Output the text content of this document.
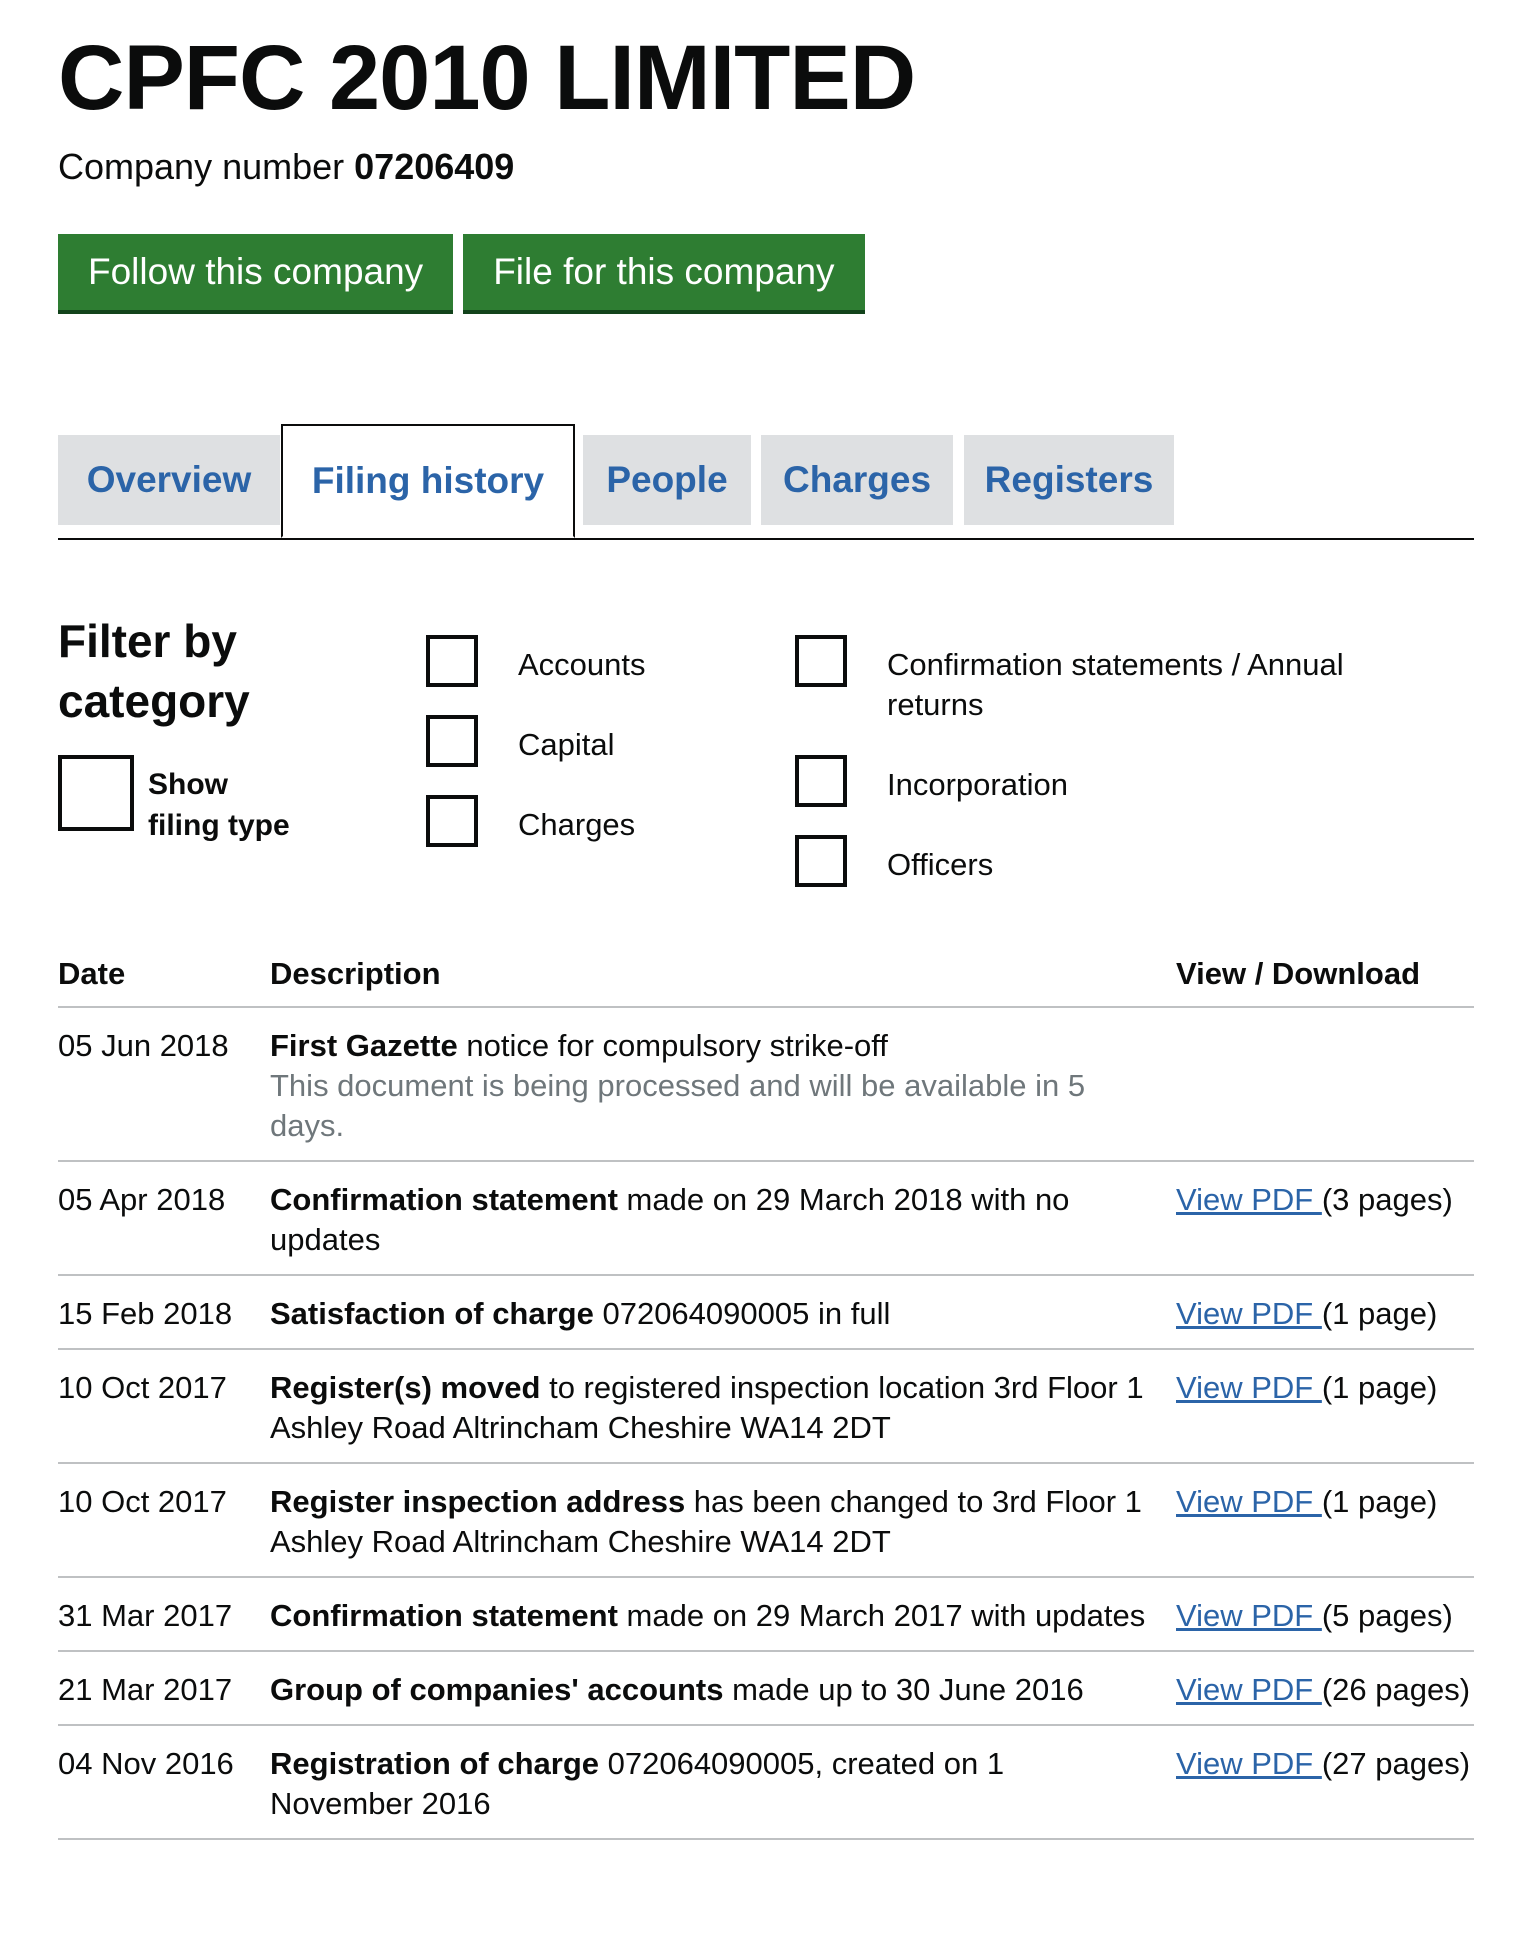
CPFC 2010 LIMITED
Company number 07206409
Follow this company	File for this company
Overview	Filing history	People	Charges	Registers
Filter by
category
Show
filing type
Accounts
Capital
Charges
Confirmation statements / Annual
returns
Incorporation
Officers
Date	Description	View / Download
05 Jun 2018	First Gazette notice for compulsory strike-off
This document is being processed and will be available in 5 days.	

05 Apr 2018	Confirmation statement made on 29 March 2018 with no updates	View PDF (3 pages)
15 Feb 2018	Satisfaction of charge 072064090005 in full	View PDF (1 page)
10 Oct 2017	Register(s) moved to registered inspection location 3rd Floor 1 Ashley Road Altrincham Cheshire WA14 2DT	View PDF (1 page)
10 Oct 2017	Register inspection address has been changed to 3rd Floor 1 Ashley Road Altrincham Cheshire WA14 2DT	View PDF (1 page)
31 Mar 2017	Confirmation statement made on 29 March 2017 with updates	View PDF (5 pages)
21 Mar 2017	Group of companies' accounts made up to 30 June 2016	View PDF (26 pages)
04 Nov 2016	Registration of charge 072064090005, created on 1 November 2016	View PDF (27 pages)
